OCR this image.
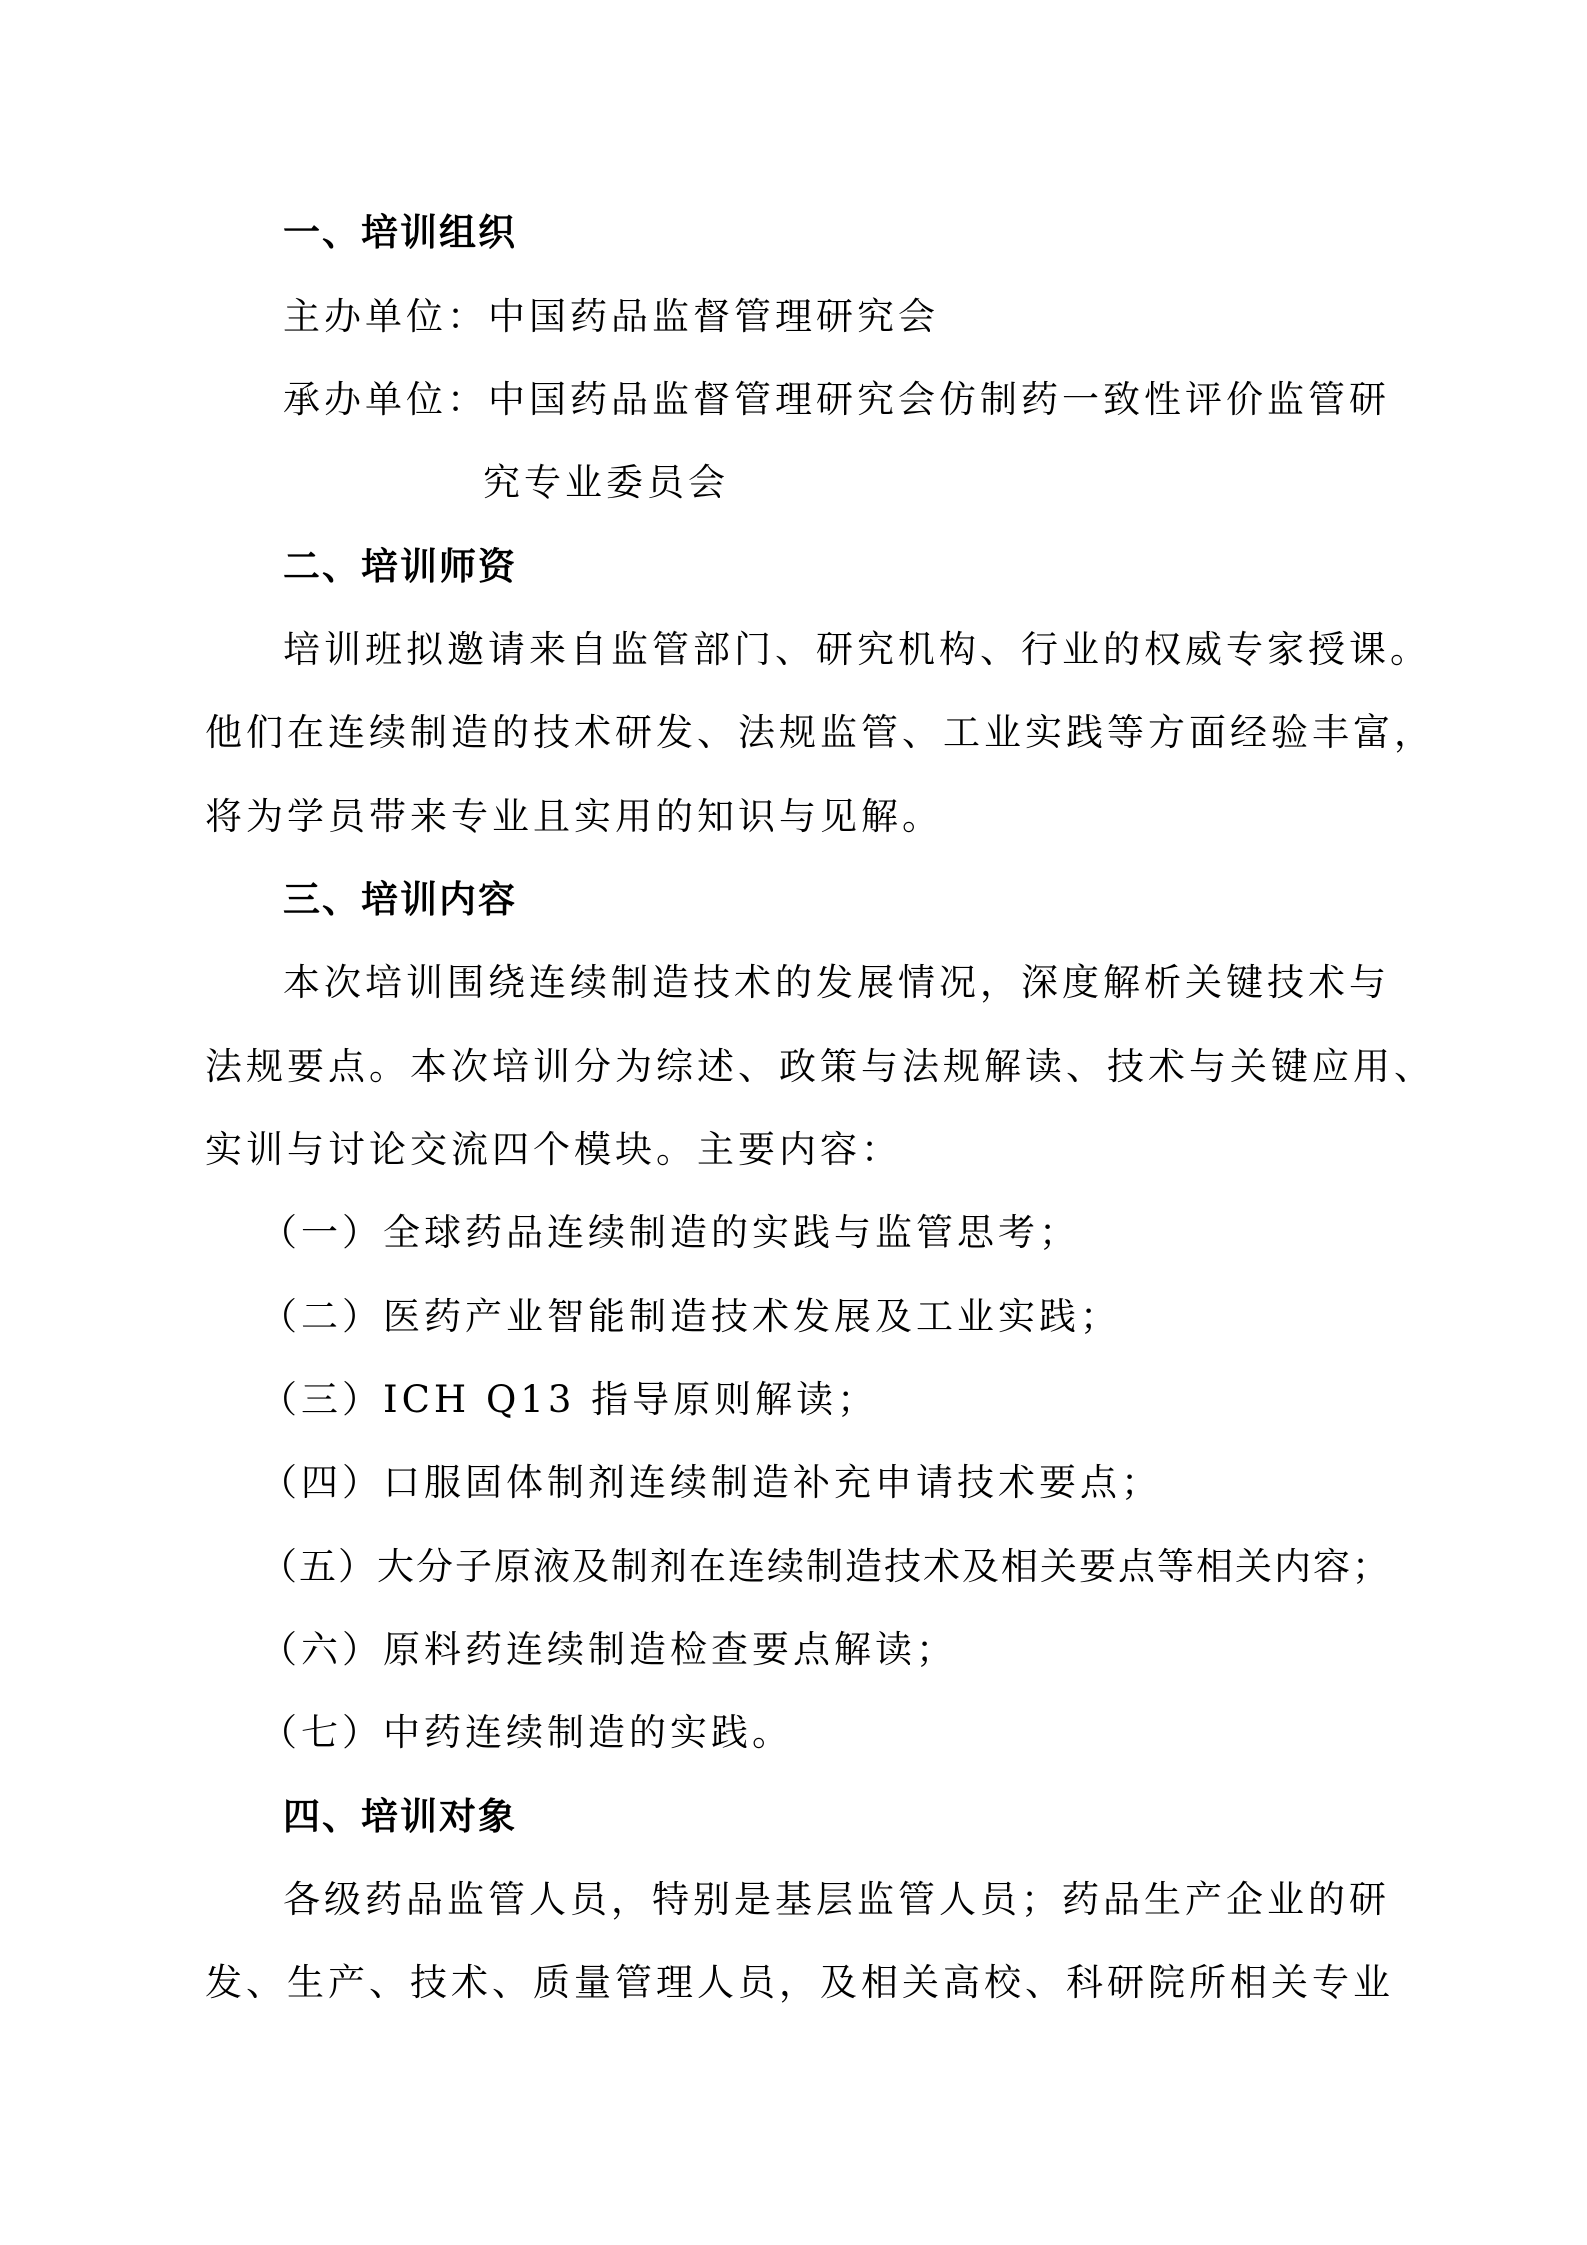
一、培训组织
主办单位：中国药品监督管理研究会
承办单位：中国药品监督管理研究会仿制药一致性评价监管研
究专业委员会
二、培训师资
培训班拟邀请来自监管部门、研究机构、行业的权威专家授课。
他们在连续制造的技术研发、法规监管、工业实践等方面经验丰富，
将为学员带来专业且实用的知识与见解。
三、培训内容
本次培训围绕连续制造技术的发展情况，深度解析关键技术与
法规要点。本次培训分为综述、政策与法规解读、技术与关键应用、
实训与讨论交流四个模块。主要内容：
（一）全球药品连续制造的实践与监管思考；
（二）医药产业智能制造技术发展及工业实践；
（三）ICH Q13 指导原则解读；
（四）口服固体制剂连续制造补充申请技术要点；
（五）大分子原液及制剂在连续制造技术及相关要点等相关内容；
（六）原料药连续制造检查要点解读；
（七）中药连续制造的实践。
四、培训对象
各级药品监管人员，特别是基层监管人员；药品生产企业的研
发、生产、技术、质量管理人员，及相关高校、科研院所相关专业
